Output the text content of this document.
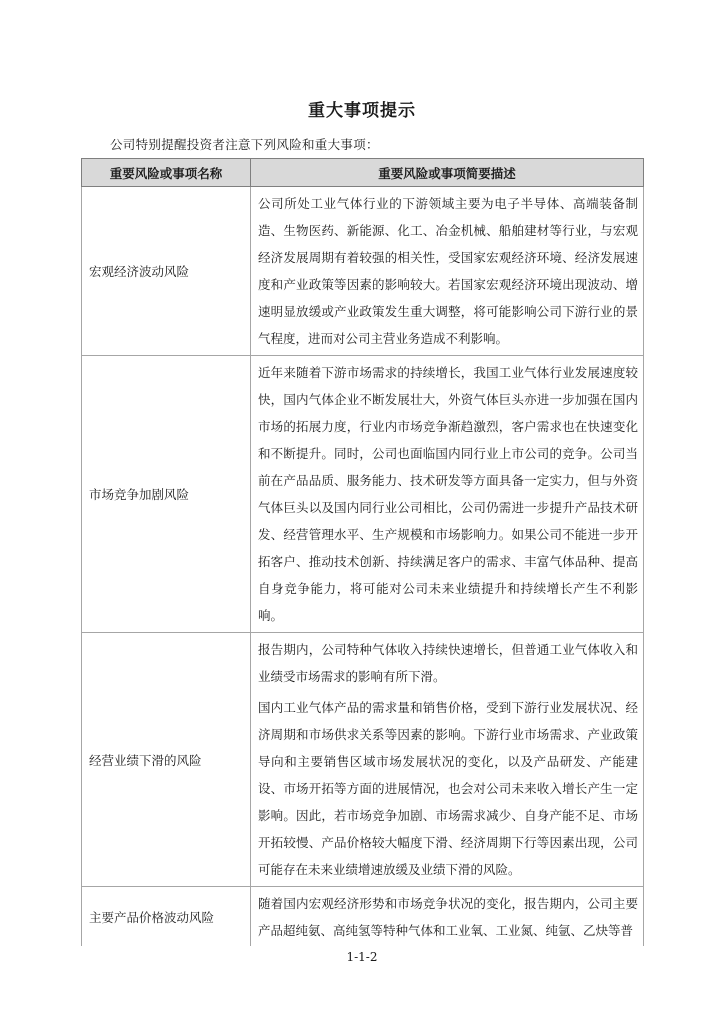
重大事项提示
公司特别提醒投资者注意下列风险和重大事项：
重要风险或事项名称	重要风险或事项简要描述
宏观经济波动风险	公司所处工业气体行业的下游领域主要为电子半导体、高端装备制造、生物医药、新能源、化工、冶金机械、船舶建材等行业，与宏观经济发展周期有着较强的相关性，受国家宏观经济环境、经济发展速度和产业政策等因素的影响较大。若国家宏观经济环境出现波动、增速明显放缓或产业政策发生重大调整，将可能影响公司下游行业的景气程度，进而对公司主营业务造成不利影响。

市场竞争加剧风险	近年来随着下游市场需求的持续增长，我国工业气体行业发展速度较快，国内气体企业不断发展壮大，外资气体巨头亦进一步加强在国内市场的拓展力度，行业内市场竞争渐趋激烈，客户需求也在快速变化和不断提升。同时，公司也面临国内同行业上市公司的竞争。公司当前在产品品质、服务能力、技术研发等方面具备一定实力，但与外资气体巨头以及国内同行业公司相比，公司仍需进一步提升产品技术研发、经营管理水平、生产规模和市场影响力。如果公司不能进一步开拓客户、推动技术创新、持续满足客户的需求、丰富气体品种、提高自身竞争能力，将可能对公司未来业绩提升和持续增长产生不利影响。

经营业绩下滑的风险	报告期内，公司特种气体收入持续快速增长，但普通工业气体收入和业绩受市场需求的影响有所下滑。

国内工业气体产品的需求量和销售价格，受到下游行业发展状况、经济周期和市场供求关系等因素的影响。下游行业市场需求、产业政策导向和主要销售区域市场发展状况的变化，以及产品研发、产能建设、市场开拓等方面的进展情况，也会对公司未来收入增长产生一定影响。因此，若市场竞争加剧、市场需求减少、自身产能不足、市场开拓较慢、产品价格较大幅度下滑、经济周期下行等因素出现，公司可能存在未来业绩增速放缓及业绩下滑的风险。

主要产品价格波动风险	随着国内宏观经济形势和市场竞争状况的变化，报告期内，公司主要产品超纯氨、高纯氢等特种气体和工业氧、工业氮、纯氩、乙炔等普

1-1-2
